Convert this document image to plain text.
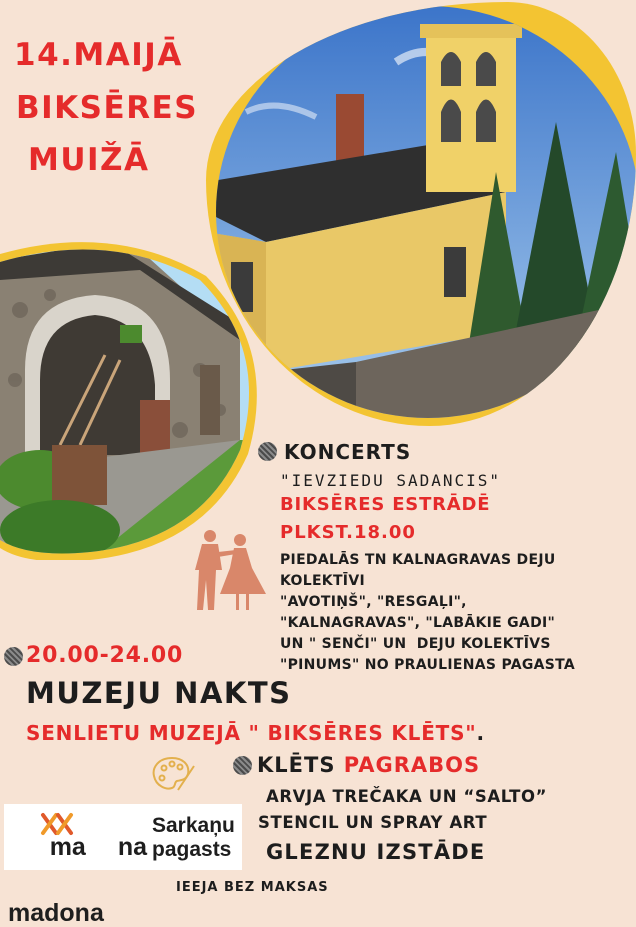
14.MAIJĀ
BIKSĒRES
MUIŽĀ
KONCERTS
"IEVZIEDU SADANCIS"
BIKSĒRES ESTRĀDĒ
PLKST.18.00
PIEDALĀS TN KALNAGRAVAS DEJU
KOLEKTĪVI
"AVOTIŅŠ", "RESGAĻI",
"KALNAGRAVAS", "LABĀKIE GADI"
UN " SENČI" UN  DEJU KOLEKTĪVS
"PINUMS" NO PRAULIENAS PAGASTA
20.00-24.00
MUZEJU NAKTS
SENLIETU MUZEJĀ " BIKSĒRES KLĒTS".
KLĒTS PAGRABOS
ARVJA TREČAKA UN “SALTO”
STENCIL UN SPRAY ART
GLEZNU IZSTĀDE

ma na

madona
Sarkaņu
pagasts
IEEJA BEZ MAKSAS
